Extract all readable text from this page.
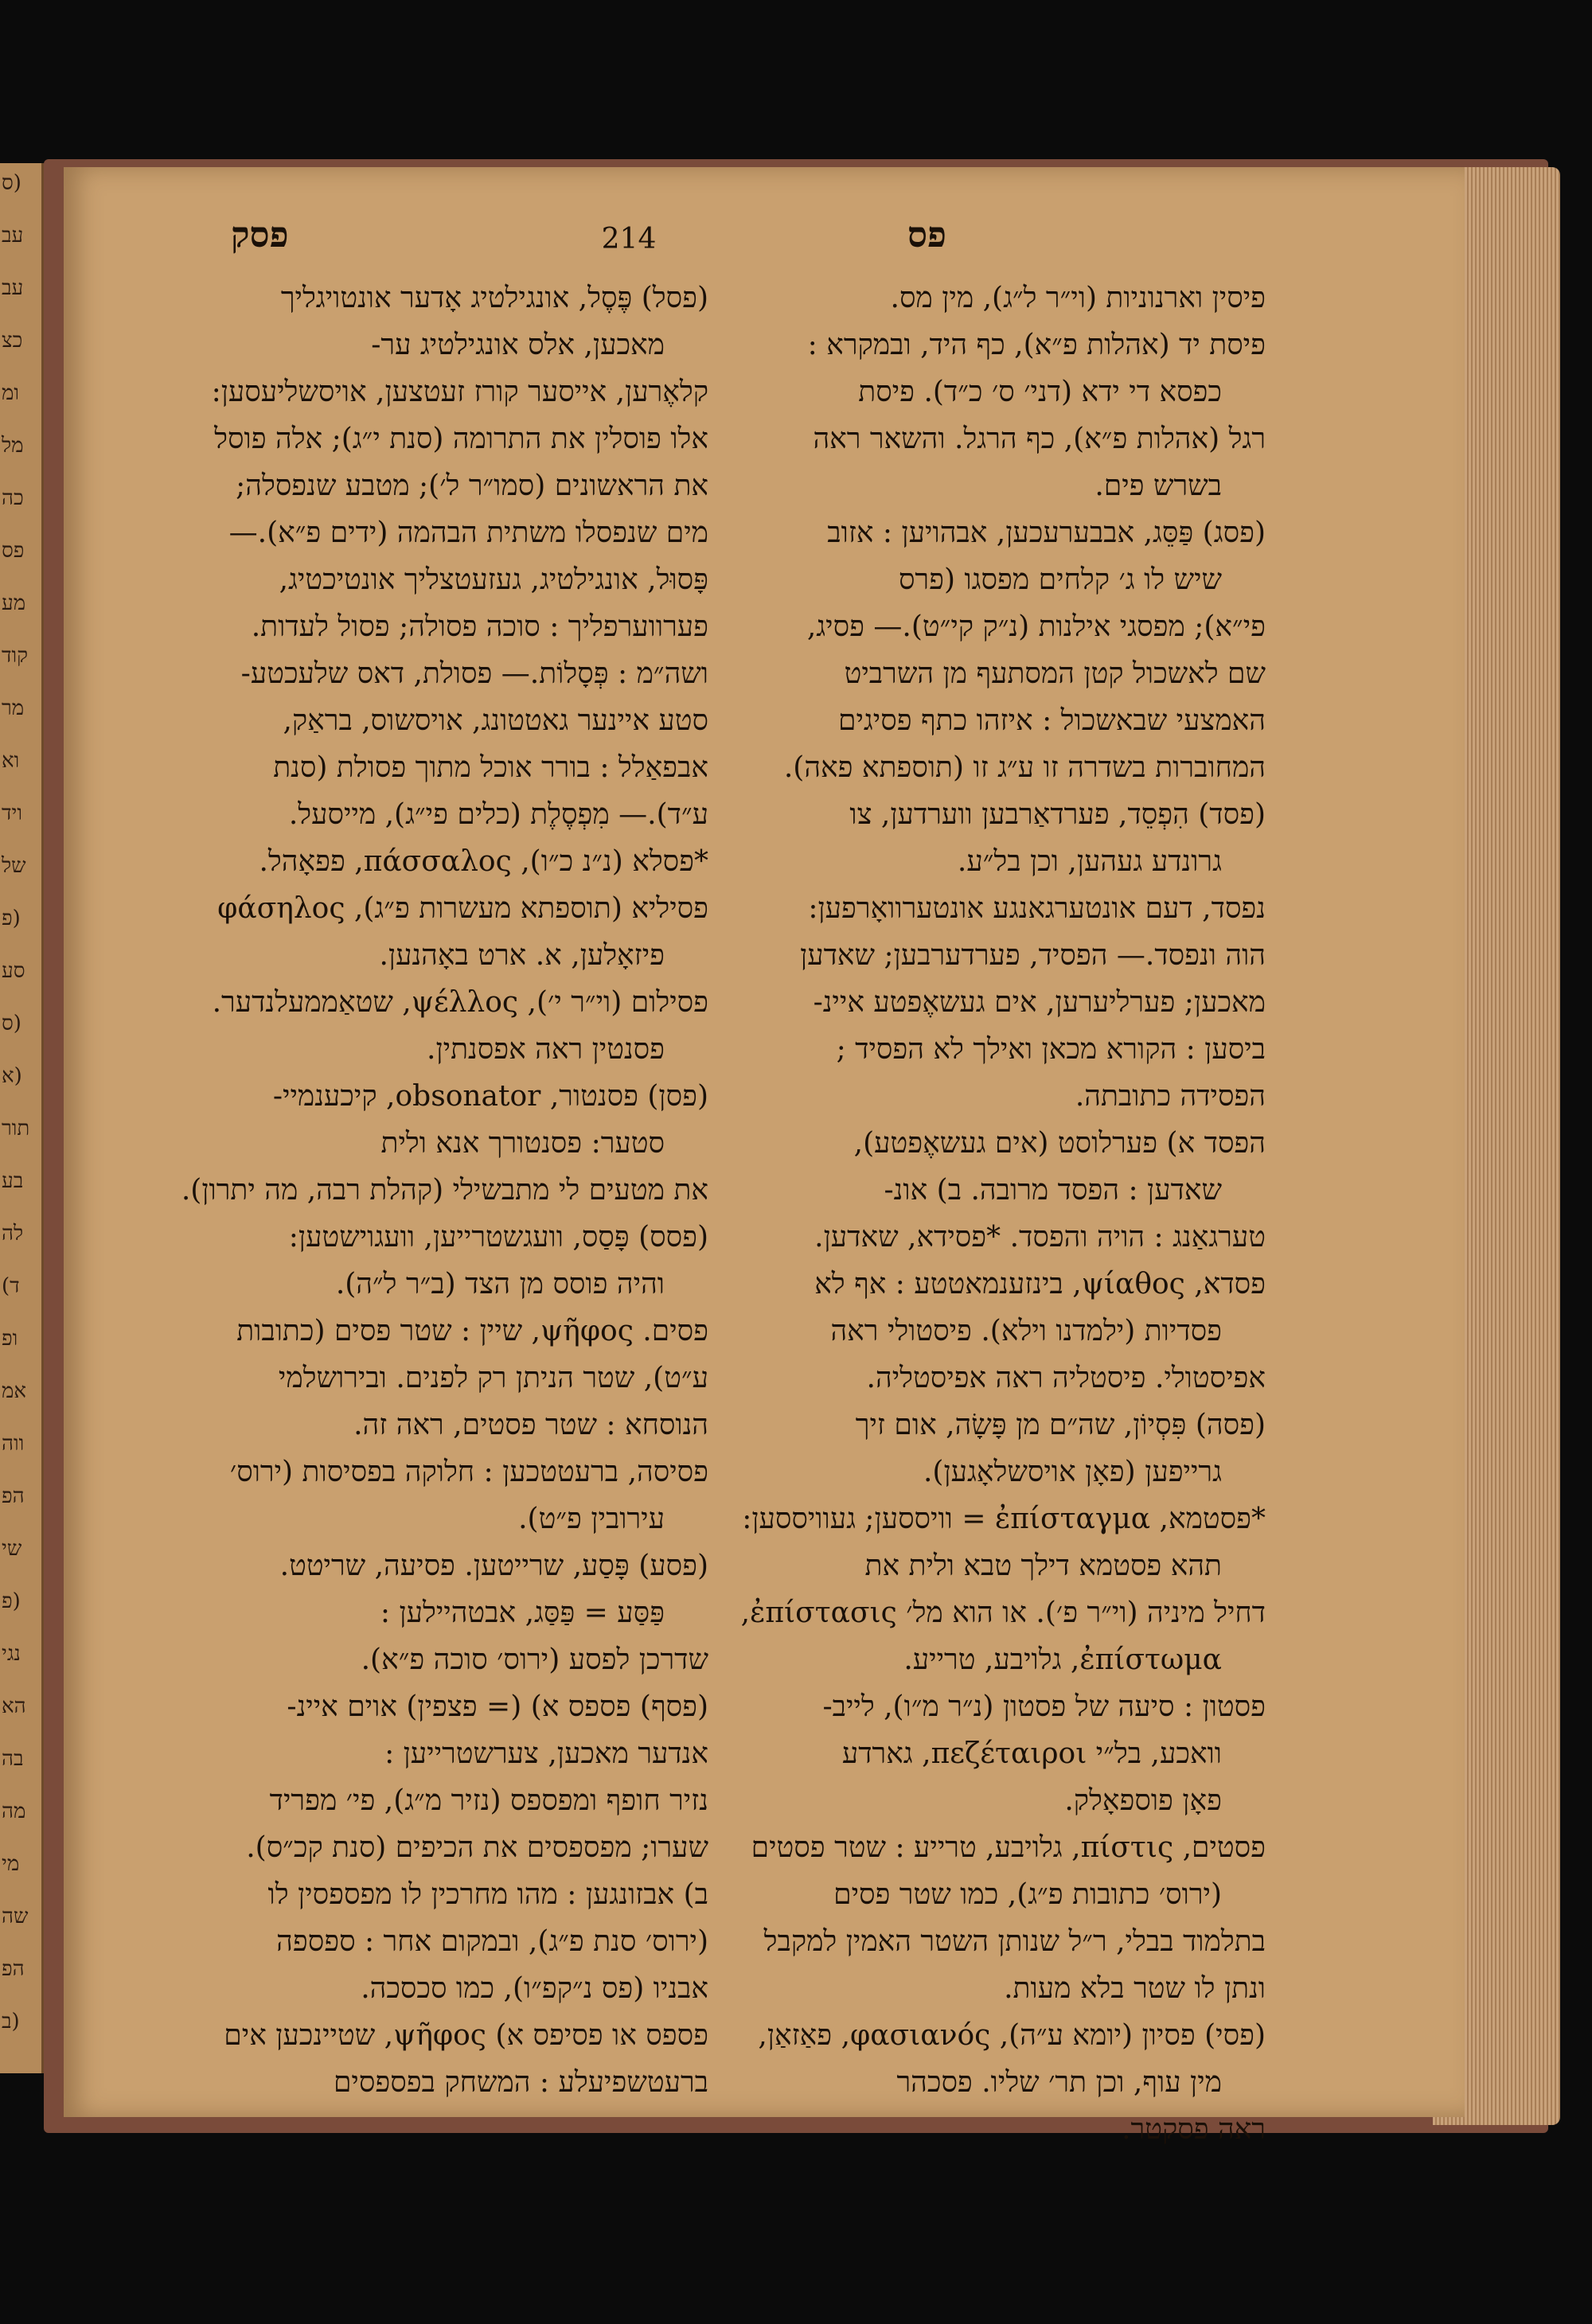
(ס
עב
עב
כצ
ומ
מל
כה
פס
מע
קוד
מר
וא
ויד
של
(פ
סע
(ס
(א
תור
בע
לה
ד)
ופ
אמ
ווה
הפ
שי
(פ
נגי
הא
בה
מה
מי
שה
הפ
(ב
פסק	214	פס
(פסל) פֶּסֶל, אונגילטיג אָדער אונטויגליך
מאכען, אלס אונגילטיג ער-
קלאֶרען, אייסער קורז זעטצען, אויסשליעסען:
אלו פוסלין את התרומה (סנת י״ג); אלה פוסל
את הראשונים (סמו״ר ל׳); מטבע שנפסלה;
מים שנפסלו משתית הבהמה (ידים פ״א).—
פָּסוּל, אונגילטיג, געזעטצליך אונטיכטיג,
פערווערפליך : סוכה פסולה; פסול לעדות.
ושה״מ : פְּסָלוֹת.— פסולת, דאס שלעכטע-
סטע איינער גאטטונג, אויסשוס, בראַק,
אבפאַלל : בורר אוכל מתוך פסולת (סנת
ע״ד).— מִפְסֶלֶת (כלים פי״ג), מייסעל.
*פסלא (נ״נ כ״ו), πάσσαλος, פפאָהל.
פסיליא (תוספתא מעשרות פ״ג), φάσηλος
פיזאָלען, א. ארט באָהנען.
פסילום (וי״ר י׳), ψέλλος, שטאַממעלנדער.
פסנטין ראה אפסנתין.
(פסן) פסנטור, obsonator, קיכענמיי-
סטער: פסנטורך אנא ולית
את מטעים לי מתבשילי (קהלת רבה, מה יתרון).
(פסס) פָּסַס, וועגשטרייען, וועגוישטען:
והיה פוסס מן הצד (ב״ר ל״ה).
פסים. ψῆφος, שיין : שטר פסים (כתובות
ע״ט), שטר הניתן רק לפנים. ובירושלמי
הנוסחא : שטר פסטים, ראה זה.
פסיסה, ברעטטכען : חלוקה בפסיסות (ירוס׳
עירובין פ״ט).
(פסע) פָּסַע, שרייטען. פסיעה, שריטט.
פַּסַּע = פַּסַּג, אבטהיילען :
שדרכן לפסע (ירוס׳ סוכה פ״א).
(פסף) פספס א) (= פצפין) אוים איינ-
אנדער מאכען, צערשטרייען :
נזיר חופף ומפספס (נזיר מ״ג), פי׳ מפריד
שערו; מפספסים את הכיפים (סנת קכ״ס).
ב) אבזונגען : מהו מחרכין לו מפספסין לו
(ירוס׳ סנת פ״ג), ובמקום אחר : ספספה
אבניו (פס נ״קפ״ו), כמו סכסכה.
פספס או פסיפס א) ψῆφος, שטיינכען אים
ברעטשפיעלע : המשחק בפספסים
פיסין וארנוניות (וי״ר ל״ג), מין מס.
פיסת יד (אהלות פ״א), כף היד, ובמקרא :
כפסא די ידא (דני׳ ס׳ כ״ד). פיסת
רגל (אהלות פ״א), כף הרגל. והשאר ראה
בשרש פים.
(פסג) פַּסֵּג, אבבערעכען, אבהויען : אזוב
שיש לו ג׳ קלחים מפסגו (פרס
פי״א); מפסגי אילנות (נ״ק קי״ט).— פסיג,
שם לאשכול קטן המסתעף מן השרביט
האמצעי שבאשכול : איזהו כתף פסיגים
המחוברות בשדרה זו ע״ג זו (תוספתא פאה).
(פסד) הִפְסֵד, פערדאַרבען ווערדען, צו
גרונדע געהען, וכן בל״ע.
נפסד, דעם אונטערגאנגע אונטערוואָרפען:
הוה ונפסד.— הפסיד, פערדערבען; שאדען
מאכען; פערליערען, אים געשאֶפטע איינ-
ביסען : הקורא מכאן ואילך לא הפסיד ;
הפסידה כתובתה.
הפסד א) פערלוסט (אים געשאֶפטע),
שאדען : הפסד מרובה. ב) אונ-
טערגאַנג : הויה והפסד. *פסידא, שאדען.
פסדא, ψίαθος, בינזענמאטטע : אף לא
פסדיות (ילמדנו וילא). פיסטולי ראה
אפיסטולי. פיסטליה ראה אפיסטליה.
(פסה) פִּסְיוֹן, שה״ם מן פָּשָׂה, אום זיך
גרייפען (פאָן אויסשלאָגען).
*פסטמא, ἐπίσταγμα = וויססען; געוויססען:
תהא פסטמא דילך טבא ולית את
דחיל מיניה (וי״ר פ׳). או הוא מל׳ ἐπίστασις,
ἐπίστωμα, גלויבע, טרייע.
פסטון : סיעה של פסטון (נ״ר מ״ו), לייב-
וואכע, בל״י πεζέταιροι, גארדע
פאָן פוספאָלק.
פסטים, πίστις, גלויבע, טרייע : שטר פסטים
(ירוס׳ כתובות פ״ג), כמו שטר פסים
בתלמוד בבלי, ר״ל שנותן השטר האמין למקבל
ונתן לו שטר בלא מעות.
(פסי) פסיון (יומא ע״ה), φασιανός, פאַזאַן,
מין עוף, וכן תר׳ שליו. פסכהר
ראה פסקטר.
